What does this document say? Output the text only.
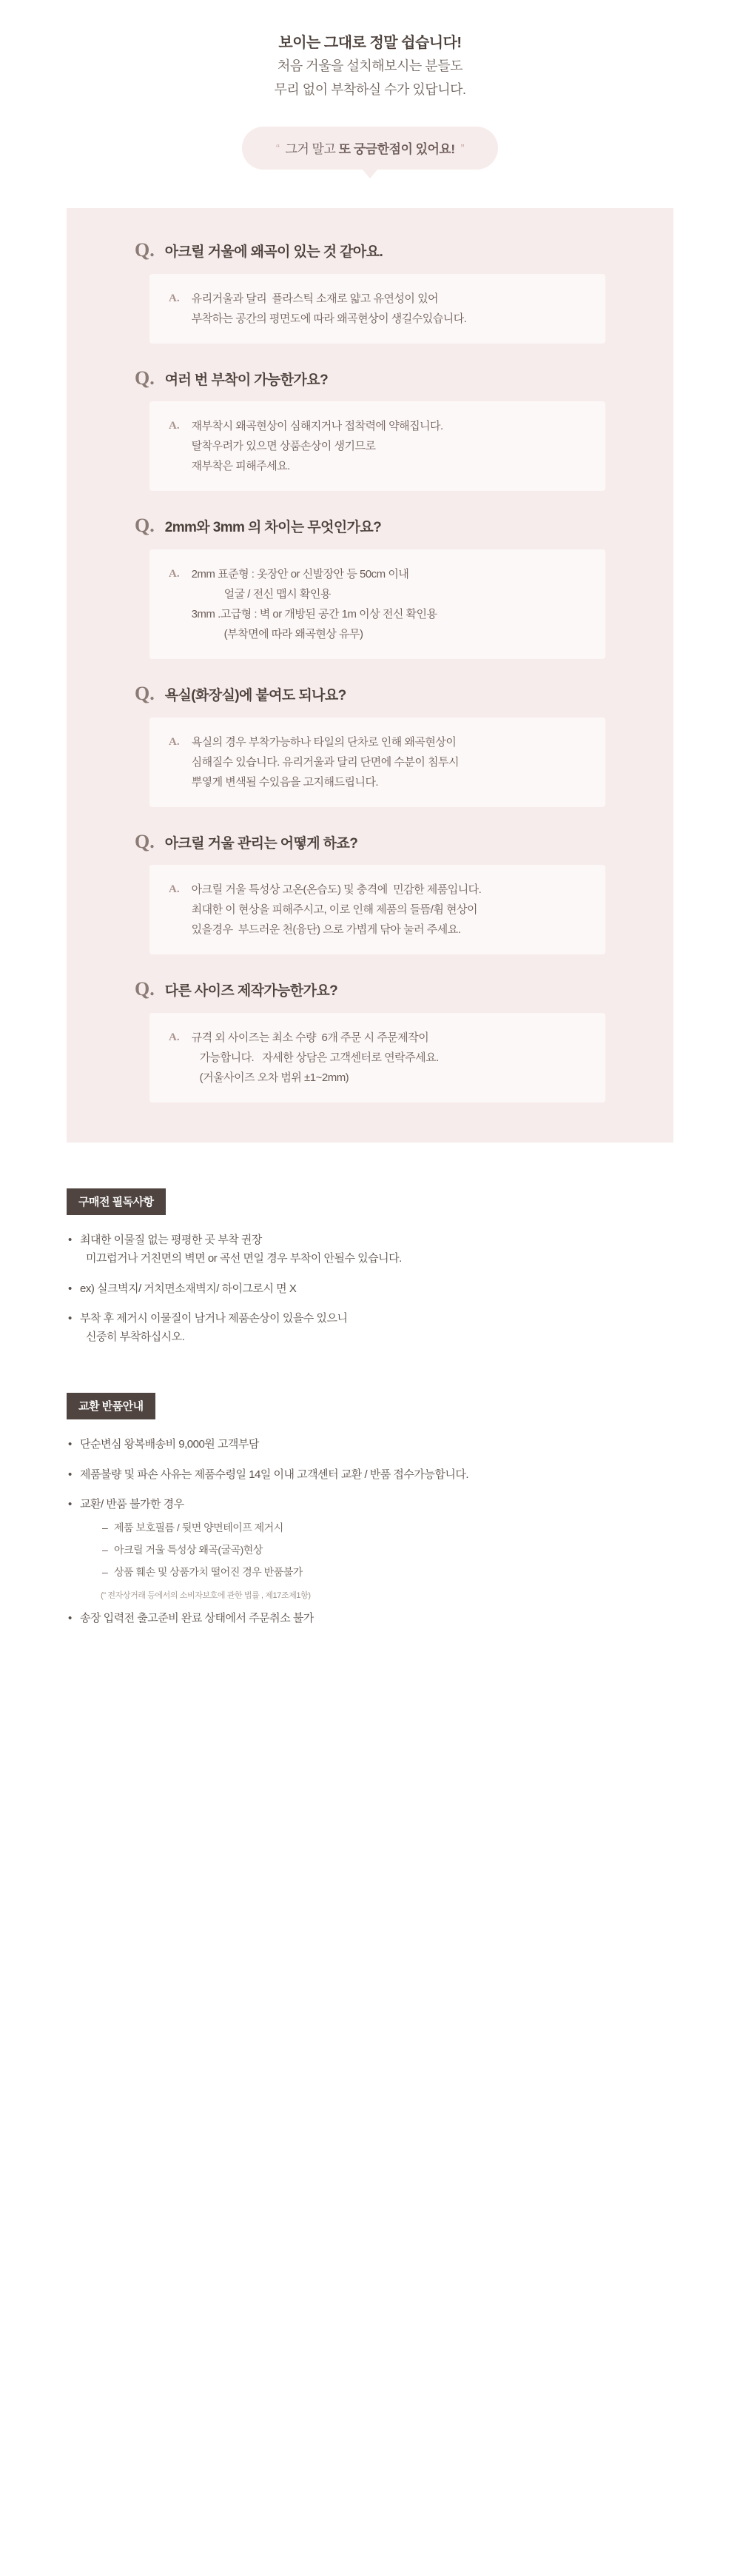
보이는 그대로 정말 쉽습니다!
처음 거울을 설치해보시는 분들도
무리 없이 부착하실 수가 있답니다.
“ 그거 말고 또 궁금한점이 있어요! ”
Q. 아크릴 거울에 왜곡이 있는 것 같아요.
A. 유리거울과 달리  플라스틱 소재로 얇고 유연성이 있어
부착하는 공간의 평면도에 따라 왜곡현상이 생길수있습니다.
Q. 여러 번 부착이 가능한가요?
A. 재부착시 왜곡현상이 심해지거나 접착력에 약해집니다.
탈착우려가 있으면 상품손상이 생기므로
재부착은 피해주세요.
Q. 2mm와 3mm 의 차이는 무엇인가요?
A. 2mm 표준형 : 옷장안 or 신발장안 등 50cm 이내
얼굴 / 전신 맵시 확인용
3mm .고급형 : 벽 or 개방된 공간 1m 이상 전신 확인용
(부착면에 따라 왜곡현상 유무)
Q. 욕실(화장실)에 붙여도 되나요?
A. 욕실의 경우 부착가능하나 타일의 단차로 인해 왜곡현상이
심해질수 있습니다. 유리거울과 달리 단면에 수분이 침투시
뿌옇게 변색될 수있음을 고지해드립니다.
Q. 아크릴 거울 관리는 어떻게 하죠?
A. 아크릴 거울 특성상 고온(온습도) 및 충격에  민감한 제품입니다.
최대한 이 현상을 피해주시고, 이로 인해 제품의 들뜸/휨 현상이
있을경우  부드러운 천(융단) 으로 가볍게 닦아 눌러 주세요.
Q. 다른 사이즈 제작가능한가요?
A. 규격 외 사이즈는 최소 수량  6개 주문 시 주문제작이
가능합니다.   자세한 상담은 고객센터로 연락주세요.
(거울사이즈 오차 범위 ±1~2mm)
구매전 필독사항
• 최대한 이물질 없는 평평한 곳 부착 권장
미끄럽거나 거친면의 벽면 or 곡선 면일 경우 부착이 안될수 있습니다.
• ex) 실크벽지/ 거치면소재벽지/ 하이그로시 면 X
• 부착 후 제거시 이물질이 남거나 제품손상이 있을수 있으니
신중히 부착하십시오.
교환 반품안내
• 단순변심 왕복배송비 9,000원 고객부담
• 제품불량 및 파손 사유는 제품수령일 14일 이내 고객센터 교환 / 반품 접수가능합니다.
• 교환/ 반품 불가한 경우
– 제품 보호필름 / 뒷면 양면테이프 제거시
– 아크릴 거울 특성상 왜곡(굴곡)현상
– 상품 훼손 및 상품가치 떨어진 경우 반품불가
(" 전자상거래 등에서의 소비자보호에 관한 법률 , 제17조제1항)
• 송장 입력전 출고준비 완료 상태에서 주문취소 불가
